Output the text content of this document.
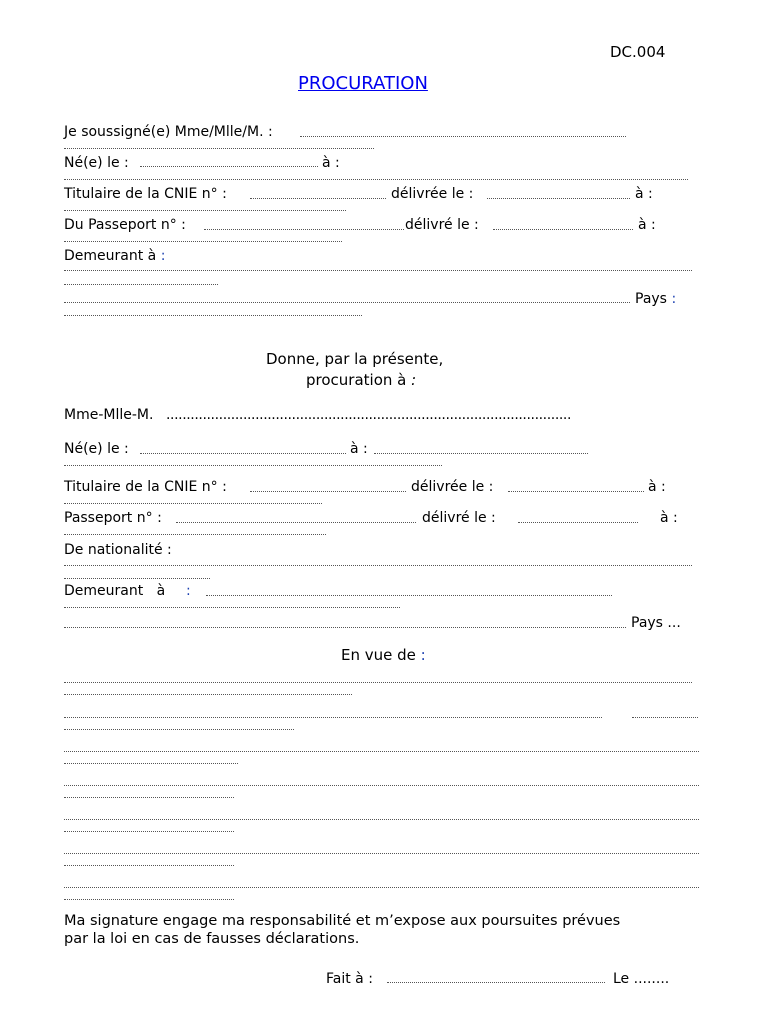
DC.004
PROCURATION
Je soussigné(e) Mme/Mlle/M. :
Né(e) le :	à :
Titulaire de la CNIE n° :	délivrée le :	à :
Du Passeport n° :	délivré le :	à :
Demeurant à :
Pays :
Donne, par la présente,
procuration à :
Mme-Mlle-M. ....................................................................................................
Né(e) le :	à :
Titulaire de la CNIE n° :	délivrée le :	à :
Passeport n° :	délivré le :	à :
De nationalité :
Demeurant   à :
Pays ...
En vue de :
Ma signature engage ma responsabilité et m’expose aux poursuites prévues
par la loi en cas de fausses déclarations.
Fait à :	Le ........
